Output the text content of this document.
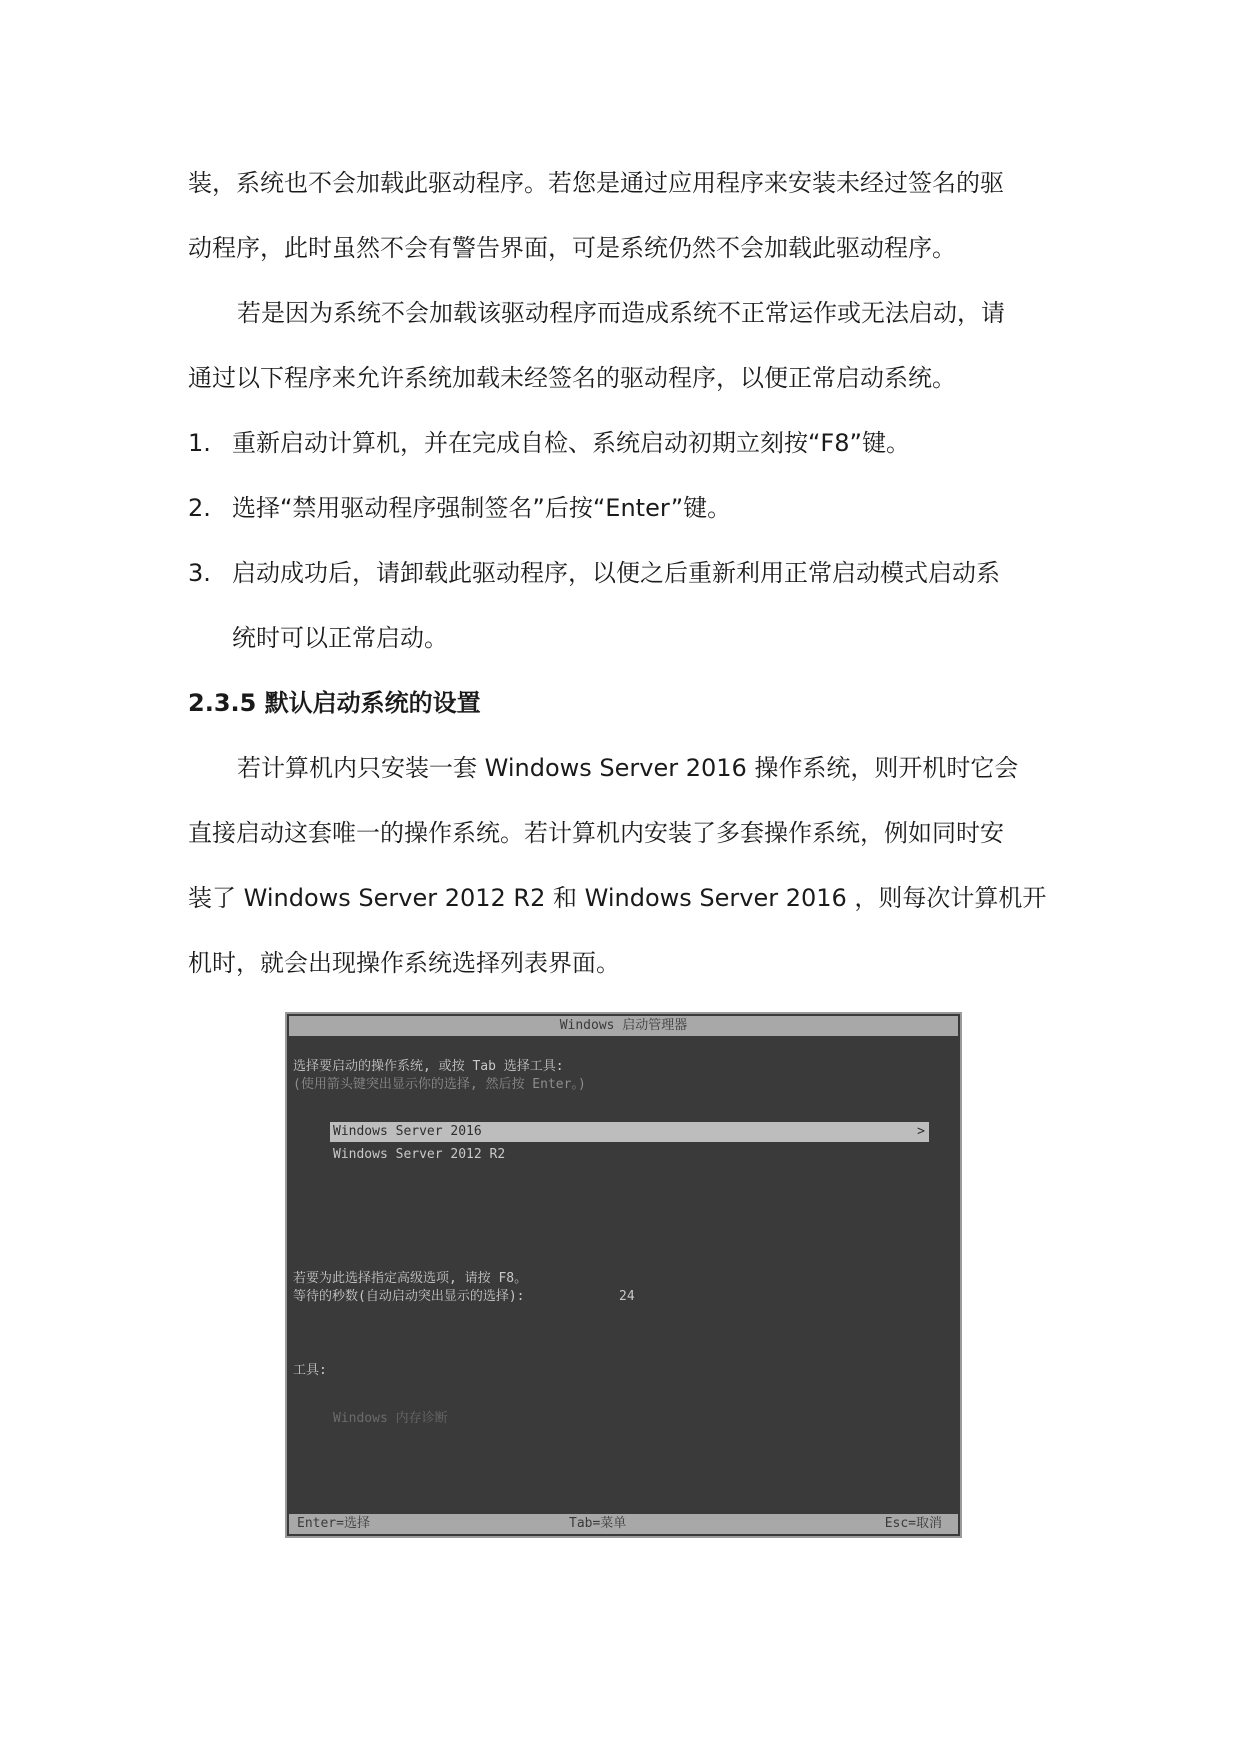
装，系统也不会加载此驱动程序。若您是通过应用程序来安装未经过签名的驱
动程序，此时虽然不会有警告界面，可是系统仍然不会加载此驱动程序。
若是因为系统不会加载该驱动程序而造成系统不正常运作或无法启动，请
通过以下程序来允许系统加载未经签名的驱动程序，以便正常启动系统。
1. 重新启动计算机，并在完成自检、系统启动初期立刻按“F8”键。
2. 选择“禁用驱动程序强制签名”后按“Enter”键。
3. 启动成功后，请卸载此驱动程序，以便之后重新利用正常启动模式启动系
统时可以正常启动。
2.3.5 默认启动系统的设置
若计算机内只安装一套 Windows Server 2016 操作系统，则开机时它会
直接启动这套唯一的操作系统。若计算机内安装了多套操作系统，例如同时安
装了 Windows Server 2012 R2 和 Windows Server 2016 ，则每次计算机开
机时，就会出现操作系统选择列表界面。
Windows 启动管理器
选择要启动的操作系统, 或按 Tab 选择工具:
(使用箭头键突出显示你的选择, 然后按 Enter。)
Windows Server 2016	>
Windows Server 2012 R2
若要为此选择指定高级选项, 请按 F8。
等待的秒数(自动启动突出显示的选择):	24
工具:
Windows 内存诊断
Enter=选择	Tab=菜单	Esc=取消
